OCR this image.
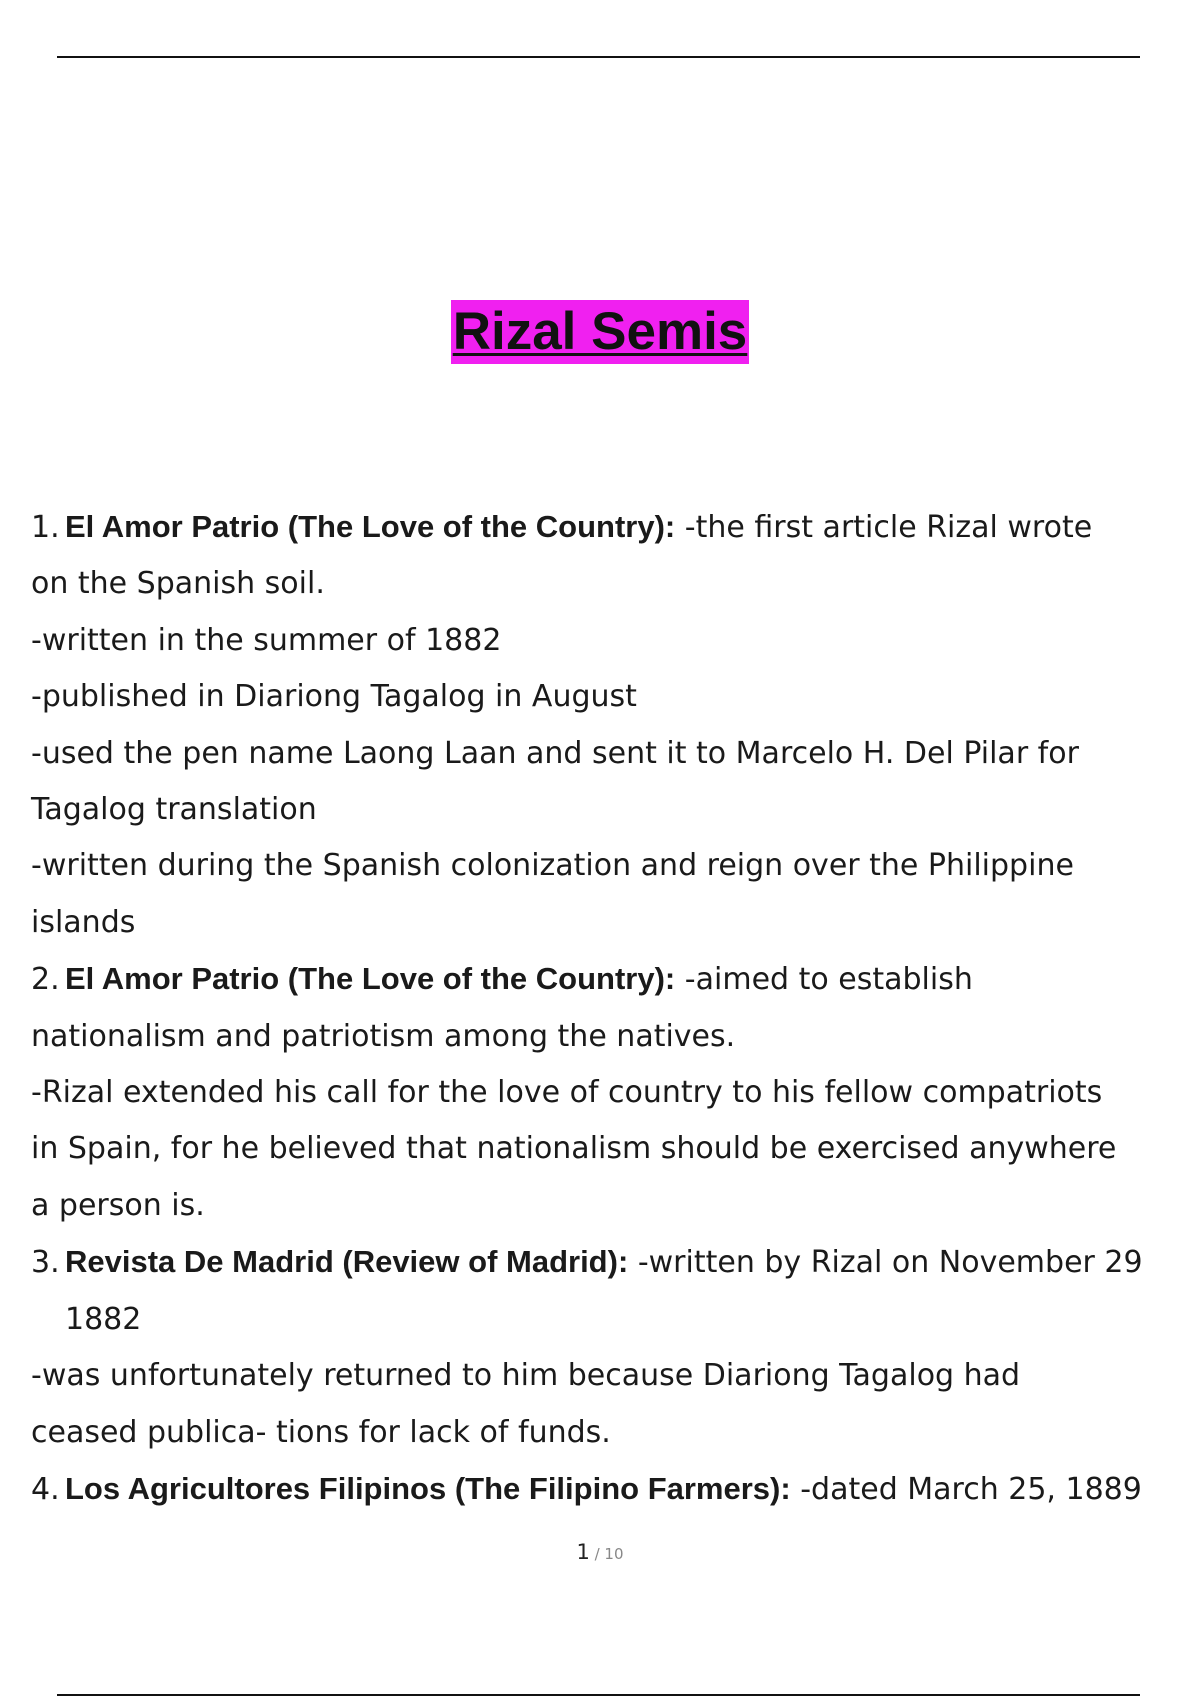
Rizal Semis
1. El Amor Patrio (The Love of the Country): -the first article Rizal wrote
on the Spanish soil.
-written in the summer of 1882
-published in Diariong Tagalog in August
-used the pen name Laong Laan and sent it to Marcelo H. Del Pilar for
Tagalog translation
-written during the Spanish colonization and reign over the Philippine
islands
2. El Amor Patrio (The Love of the Country): -aimed to establish
nationalism and patriotism among the natives.
-Rizal extended his call for the love of country to his fellow compatriots
in Spain, for he believed that nationalism should be exercised anywhere
a person is.
3. Revista De Madrid (Review of Madrid): -written by Rizal on November 29
1882
-was unfortunately returned to him because Diariong Tagalog had
ceased publica- tions for lack of funds.
4. Los Agricultores Filipinos (The Filipino Farmers): -dated March 25, 1889
1 / 10
